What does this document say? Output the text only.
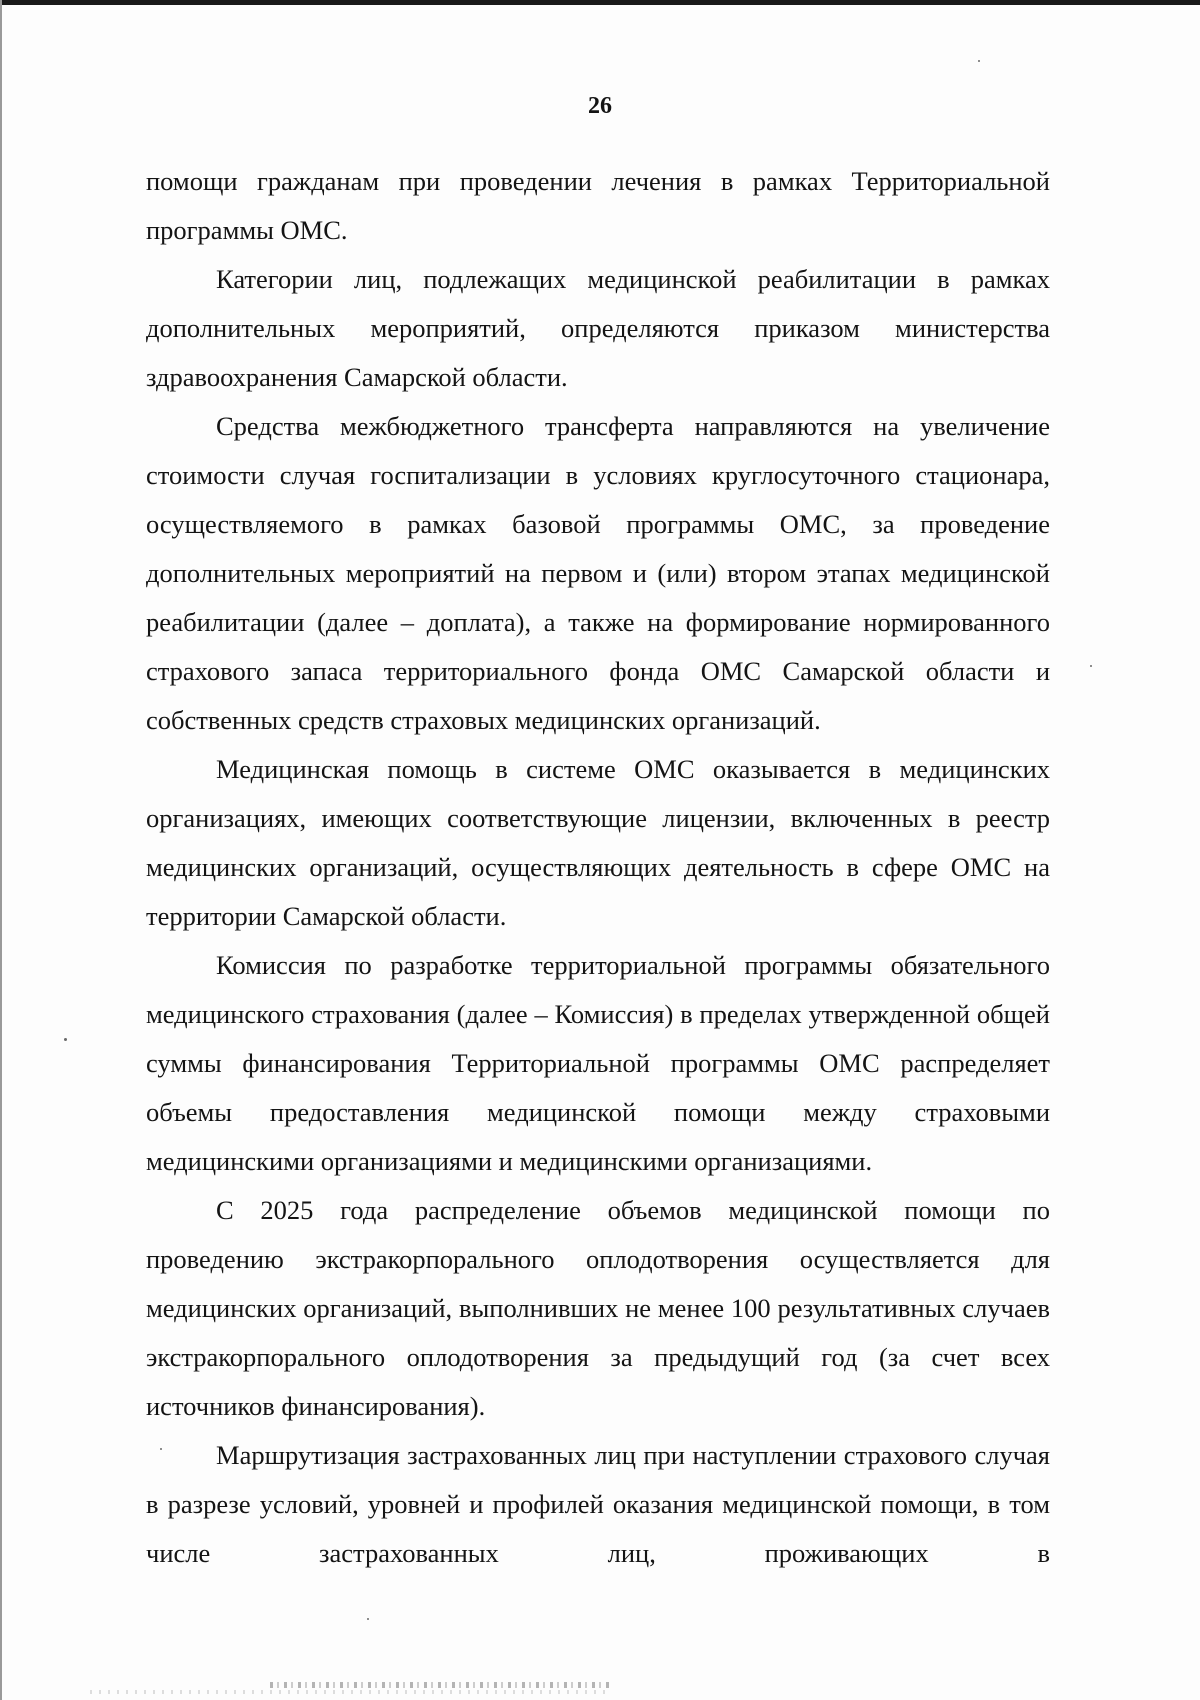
26

помощи гражданам при проведении лечения в рамках Территориальной программы ОМС.

Категории лиц, подлежащих медицинской реабилитации в рамках дополнительных мероприятий, определяются приказом министерства здравоохранения Самарской области.

Средства межбюджетного трансферта направляются на увеличение стоимости случая госпитализации в условиях круглосуточного стационара, осуществляемого в рамках базовой программы ОМС, за проведение дополнительных мероприятий на первом и (или) втором этапах медицинской реабилитации (далее – доплата), а также на формирование нормированного страхового запаса территориального фонда ОМС Самарской области и собственных средств страховых медицинских организаций.

Медицинская помощь в системе ОМС оказывается в медицинских организациях, имеющих соответствующие лицензии, включенных в реестр медицинских организаций, осуществляющих деятельность в сфере ОМС на территории Самарской области.

Комиссия по разработке территориальной программы обязательного медицинского страхования (далее – Комиссия) в пределах утвержденной общей суммы финансирования Территориальной программы ОМС распределяет объемы предоставления медицинской помощи между страховыми медицинскими организациями и медицинскими организациями.

С 2025 года распределение объемов медицинской помощи по проведению экстракорпорального оплодотворения осуществляется для медицинских организаций, выполнивших не менее 100 результативных случаев экстракорпорального оплодотворения за предыдущий год (за счет всех источников финансирования).

Маршрутизация застрахованных лиц при наступлении страхового случая в разрезе условий, уровней и профилей оказания медицинской помощи, в том числе застрахованных лиц, проживающих в
